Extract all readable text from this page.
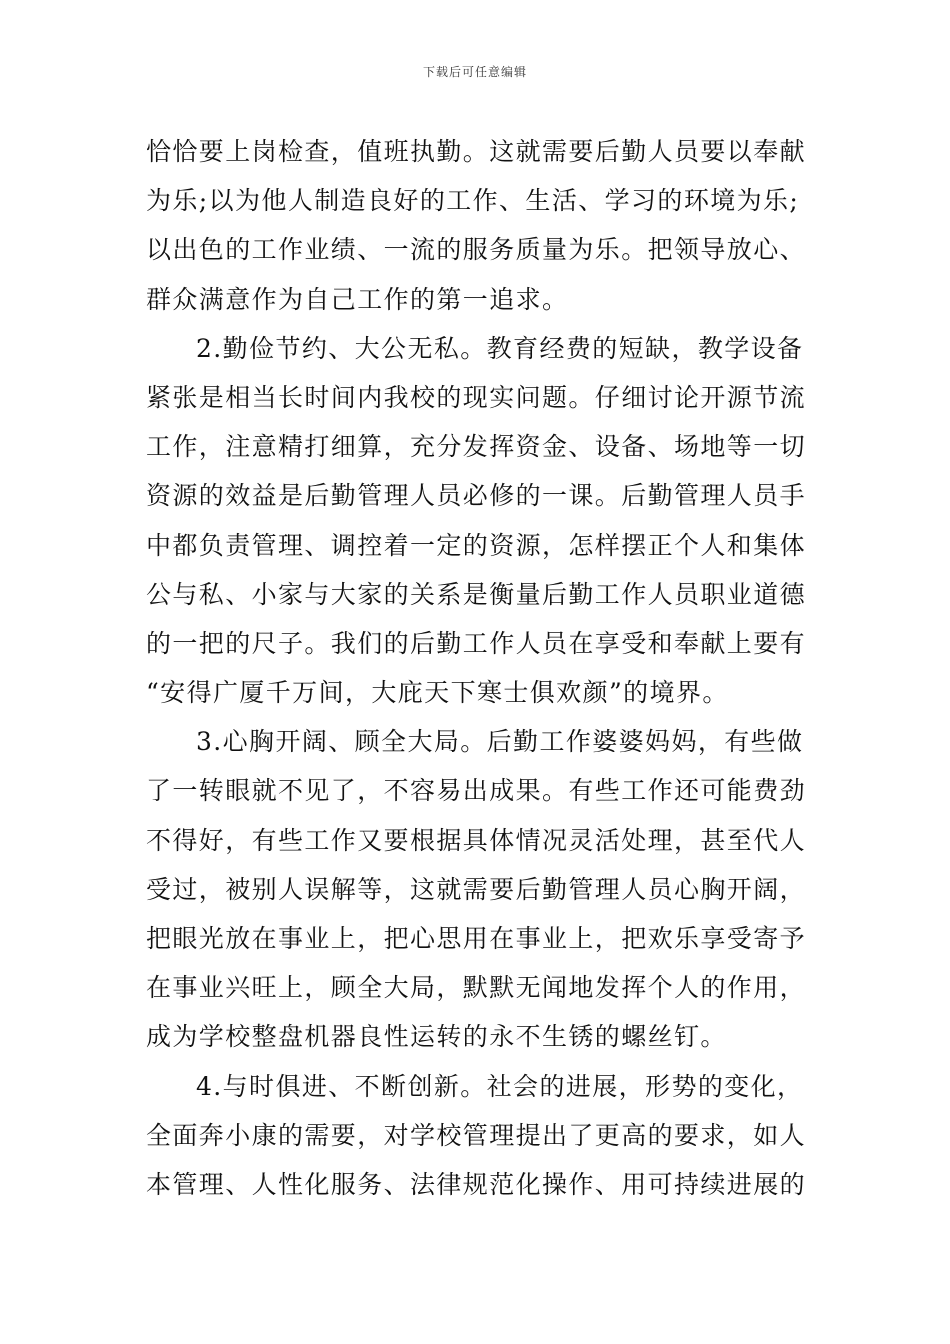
下载后可任意编辑
恰恰要上岗检查，值班执勤。这就需要后勤人员要以奉献
为乐;以为他人制造良好的工作、生活、学习的环境为乐;
以出色的工作业绩、一流的服务质量为乐。把领导放心、
群众满意作为自己工作的第一追求。
2.勤俭节约、大公无私。教育经费的短缺，教学设备
紧张是相当长时间内我校的现实问题。仔细讨论开源节流
工作，注意精打细算，充分发挥资金、设备、场地等一切
资源的效益是后勤管理人员必修的一课。后勤管理人员手
中都负责管理、调控着一定的资源，怎样摆正个人和集体
公与私、小家与大家的关系是衡量后勤工作人员职业道德
的一把的尺子。我们的后勤工作人员在享受和奉献上要有
“安得广厦千万间，大庇天下寒士俱欢颜”的境界。
3.心胸开阔、顾全大局。后勤工作婆婆妈妈，有些做
了一转眼就不见了，不容易出成果。有些工作还可能费劲
不得好，有些工作又要根据具体情况灵活处理，甚至代人
受过，被别人误解等，这就需要后勤管理人员心胸开阔，
把眼光放在事业上，把心思用在事业上，把欢乐享受寄予
在事业兴旺上，顾全大局，默默无闻地发挥个人的作用，
成为学校整盘机器良性运转的永不生锈的螺丝钉。
4.与时俱进、不断创新。社会的进展，形势的变化，
全面奔小康的需要，对学校管理提出了更高的要求，如人
本管理、人性化服务、法律规范化操作、用可持续进展的
